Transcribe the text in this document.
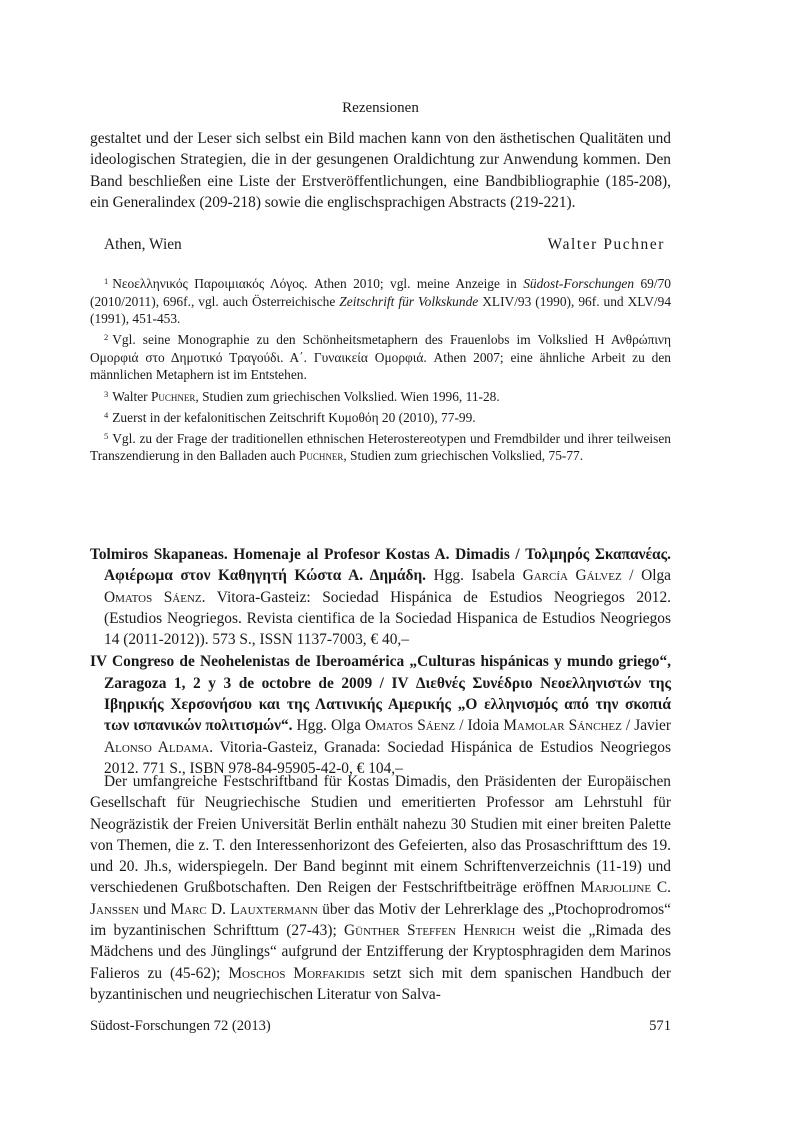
Rezensionen

gestaltet und der Leser sich selbst ein Bild machen kann von den ästhetischen Qualitäten und ideologischen Strategien, die in der gesungenen Oraldichtung zur Anwendung kommen. Den Band beschließen eine Liste der Erstveröffentlichungen, eine Bandbibliographie (185-208), ein Generalindex (209-218) sowie die englischsprachigen Abstracts (219-221).

Athen, Wien	Walter Puchner

$^1$ Νεοελληνικός Παροιμιακός Λόγος. Athen 2010; vgl. meine Anzeige in Südost-Forschungen 69/70 (2010/2011), 696f., vgl. auch Österreichische Zeitschrift für Volkskunde XLIV/93 (1990), 96f. und XLV/94 (1991), 451-453.

$^2$ Vgl. seine Monographie zu den Schönheitsmetaphern des Frauenlobs im Volkslied Η Ανθρώπινη Ομορφιά στο Δημοτικό Τραγούδι. Α΄. Γυναικεία Ομορφιά. Athen 2007; eine ähnliche Arbeit zu den männlichen Metaphern ist im Entstehen.

$^3$ Walter Puchner, Studien zum griechischen Volkslied. Wien 1996, 11-28.

$^4$ Zuerst in der kefalonitischen Zeitschrift Κυμοθόη 20 (2010), 77-99.

$^5$ Vgl. zu der Frage der traditionellen ethnischen Heterostereotypen und Fremdbilder und ihrer teilweisen Transzendierung in den Balladen auch Puchner, Studien zum griechischen Volkslied, 75-77.

Tolmiros Skapaneas. Homenaje al Profesor Kostas A. Dimadis / Τολμηρός Σκαπανέας. Αφιέρωμα στον Καθηγητή Κώστα Α. Δημάδη. Hgg. Isabela García Gálvez / Olga Omatos Sáenz. Vitora-Gasteiz: Sociedad Hispánica de Estudios Neogriegos 2012. (Estudios Neogriegos. Revista cientifica de la Sociedad Hispanica de Estudios Neogriegos 14 (2011-2012)). 573 S., ISSN 1137-7003, € 40,–

IV Congreso de Neohelenistas de Iberoamérica „Culturas hispánicas y mundo griego“, Zaragoza 1, 2 y 3 de octobre de 2009 / IV Διεθνές Συνέδριο Νεοελληνιστών της Ιβηρικής Χερσονήσου και της Λατινικής Αμερικής „Ο ελληνισμός από την σκοπιά των ισπανικών πολιτισμών“. Hgg. Olga Omatos Sáenz / Idoia Mamolar Sánchez / Javier Alonso Aldama. Vitoria-Gasteiz, Granada: Sociedad Hispánica de Estudios Neogriegos 2012. 771 S., ISBN 978-84-95905-42-0, € 104,–

Der umfangreiche Festschriftband für Kostas Dimadis, den Präsidenten der Europäischen Gesellschaft für Neugriechische Studien und emeritierten Professor am Lehrstuhl für Neogräzistik der Freien Universität Berlin enthält nahezu 30 Studien mit einer breiten Palette von Themen, die z. T. den Interessenhorizont des Gefeierten, also das Prosaschrifttum des 19. und 20. Jh.s, widerspiegeln. Der Band beginnt mit einem Schriftenverzeichnis (11-19) und verschiedenen Grußbotschaften. Den Reigen der Festschriftbeiträge eröffnen Marjolijne C. Janssen und Marc D. Lauxtermann über das Motiv der Lehrerklage des „Ptochoprodromos“ im byzantinischen Schrifttum (27-43); Günther Steffen Henrich weist die „Rimada des Mädchens und des Jünglings“ aufgrund der Entzifferung der Kryptosphragiden dem Marinos Falieros zu (45-62); Moschos Morfakidis setzt sich mit dem spanischen Handbuch der byzantinischen und neugriechischen Literatur von Salva-

Südost-Forschungen 72 (2013)	571
